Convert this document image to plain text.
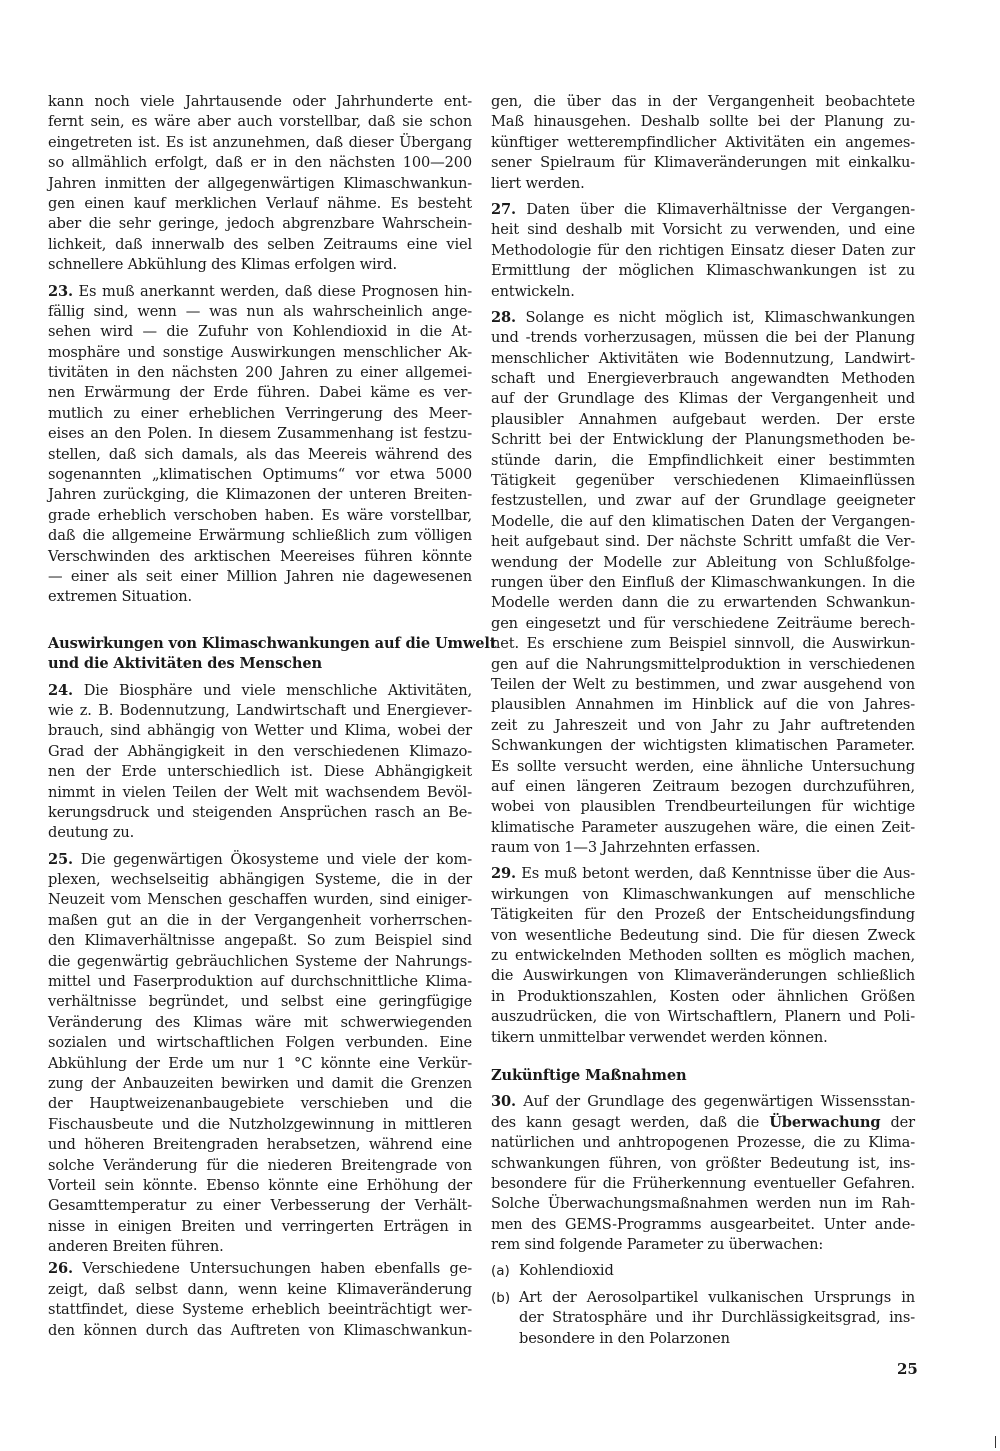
kann noch viele Jahrtausende oder Jahrhunderte ent-
fernt sein, es wäre aber auch vorstellbar, daß sie schon
eingetreten ist. Es ist anzunehmen, daß dieser Übergang
so allmählich erfolgt, daß er in den nächsten 100—200
Jahren inmitten der allgegenwärtigen Klimaschwankun-
gen einen kauf merklichen Verlauf nähme. Es besteht
aber die sehr geringe, jedoch abgrenzbare Wahrschein-
lichkeit, daß innerwalb des selben Zeitraums eine viel
schnellere Abkühlung des Klimas erfolgen wird.
23. Es muß anerkannt werden, daß diese Prognosen hin-
fällig sind, wenn — was nun als wahrscheinlich ange-
sehen wird — die Zufuhr von Kohlendioxid in die At-
mosphäre und sonstige Auswirkungen menschlicher Ak-
tivitäten in den nächsten 200 Jahren zu einer allgemei-
nen Erwärmung der Erde führen. Dabei käme es ver-
mutlich zu einer erheblichen Verringerung des Meer-
eises an den Polen. In diesem Zusammenhang ist festzu-
stellen, daß sich damals, als das Meereis während des
sogenannten „klimatischen Optimums“ vor etwa 5000
Jahren zurückging, die Klimazonen der unteren Breiten-
grade erheblich verschoben haben. Es wäre vorstellbar,
daß die allgemeine Erwärmung schließlich zum völligen
Verschwinden des arktischen Meereises führen könnte
— einer als seit einer Million Jahren nie dagewesenen
extremen Situation.
Auswirkungen von Klimaschwankungen auf die Umwelt
und die Aktivitäten des Menschen
24. Die Biosphäre und viele menschliche Aktivitäten,
wie z. B. Bodennutzung, Landwirtschaft und Energiever-
brauch, sind abhängig von Wetter und Klima, wobei der
Grad der Abhängigkeit in den verschiedenen Klimazo-
nen der Erde unterschiedlich ist. Diese Abhängigkeit
nimmt in vielen Teilen der Welt mit wachsendem Bevöl-
kerungsdruck und steigenden Ansprüchen rasch an Be-
deutung zu.
25. Die gegenwärtigen Ökosysteme und viele der kom-
plexen, wechselseitig abhängigen Systeme, die in der
Neuzeit vom Menschen geschaffen wurden, sind einiger-
maßen gut an die in der Vergangenheit vorherrschen-
den Klimaverhältnisse angepaßt. So zum Beispiel sind
die gegenwärtig gebräuchlichen Systeme der Nahrungs-
mittel und Faserproduktion auf durchschnittliche Klima-
verhältnisse begründet, und selbst eine geringfügige
Veränderung des Klimas wäre mit schwerwiegenden
sozialen und wirtschaftlichen Folgen verbunden. Eine
Abkühlung der Erde um nur 1 °C könnte eine Verkür-
zung der Anbauzeiten bewirken und damit die Grenzen
der Hauptweizenanbaugebiete verschieben und die
Fischausbeute und die Nutzholzgewinnung in mittleren
und höheren Breitengraden herabsetzen, während eine
solche Veränderung für die niederen Breitengrade von
Vorteil sein könnte. Ebenso könnte eine Erhöhung der
Gesamttemperatur zu einer Verbesserung der Verhält-
nisse in einigen Breiten und verringerten Erträgen in
anderen Breiten führen.
26. Verschiedene Untersuchungen haben ebenfalls ge-
zeigt, daß selbst dann, wenn keine Klimaveränderung
stattfindet, diese Systeme erheblich beeinträchtigt wer-
den können durch das Auftreten von Klimaschwankun-
gen, die über das in der Vergangenheit beobachtete
Maß hinausgehen. Deshalb sollte bei der Planung zu-
künftiger wetterempfindlicher Aktivitäten ein angemes-
sener Spielraum für Klimaveränderungen mit einkalku-
liert werden.
27. Daten über die Klimaverhältnisse der Vergangen-
heit sind deshalb mit Vorsicht zu verwenden, und eine
Methodologie für den richtigen Einsatz dieser Daten zur
Ermittlung der möglichen Klimaschwankungen ist zu
entwickeln.
28. Solange es nicht möglich ist, Klimaschwankungen
und -trends vorherzusagen, müssen die bei der Planung
menschlicher Aktivitäten wie Bodennutzung, Landwirt-
schaft und Energieverbrauch angewandten Methoden
auf der Grundlage des Klimas der Vergangenheit und
plausibler Annahmen aufgebaut werden. Der erste
Schritt bei der Entwicklung der Planungsmethoden be-
stünde darin, die Empfindlichkeit einer bestimmten
Tätigkeit gegenüber verschiedenen Klimaeinflüssen
festzustellen, und zwar auf der Grundlage geeigneter
Modelle, die auf den klimatischen Daten der Vergangen-
heit aufgebaut sind. Der nächste Schritt umfaßt die Ver-
wendung der Modelle zur Ableitung von Schlußfolge-
rungen über den Einfluß der Klimaschwankungen. In die
Modelle werden dann die zu erwartenden Schwankun-
gen eingesetzt und für verschiedene Zeiträume berech-
net. Es erschiene zum Beispiel sinnvoll, die Auswirkun-
gen auf die Nahrungsmittelproduktion in verschiedenen
Teilen der Welt zu bestimmen, und zwar ausgehend von
plausiblen Annahmen im Hinblick auf die von Jahres-
zeit zu Jahreszeit und von Jahr zu Jahr auftretenden
Schwankungen der wichtigsten klimatischen Parameter.
Es sollte versucht werden, eine ähnliche Untersuchung
auf einen längeren Zeitraum bezogen durchzuführen,
wobei von plausiblen Trendbeurteilungen für wichtige
klimatische Parameter auszugehen wäre, die einen Zeit-
raum von 1—3 Jahrzehnten erfassen.
29. Es muß betont werden, daß Kenntnisse über die Aus-
wirkungen von Klimaschwankungen auf menschliche
Tätigkeiten für den Prozeß der Entscheidungsfindung
von wesentliche Bedeutung sind. Die für diesen Zweck
zu entwickelnden Methoden sollten es möglich machen,
die Auswirkungen von Klimaveränderungen schließlich
in Produktionszahlen, Kosten oder ähnlichen Größen
auszudrücken, die von Wirtschaftlern, Planern und Poli-
tikern unmittelbar verwendet werden können.
Zukünftige Maßnahmen
30. Auf der Grundlage des gegenwärtigen Wissensstan-
des kann gesagt werden, daß die Überwachung der
natürlichen und anhtropogenen Prozesse, die zu Klima-
schwankungen führen, von größter Bedeutung ist, ins-
besondere für die Früherkennung eventueller Gefahren.
Solche Überwachungsmaßnahmen werden nun im Rah-
men des GEMS-Programms ausgearbeitet. Unter ande-
rem sind folgende Parameter zu überwachen:
(a) Kohlendioxid
(b) Art der Aerosolpartikel vulkanischen Ursprungs in
der Stratosphäre und ihr Durchlässigkeitsgrad, ins-
besondere in den Polarzonen
25
